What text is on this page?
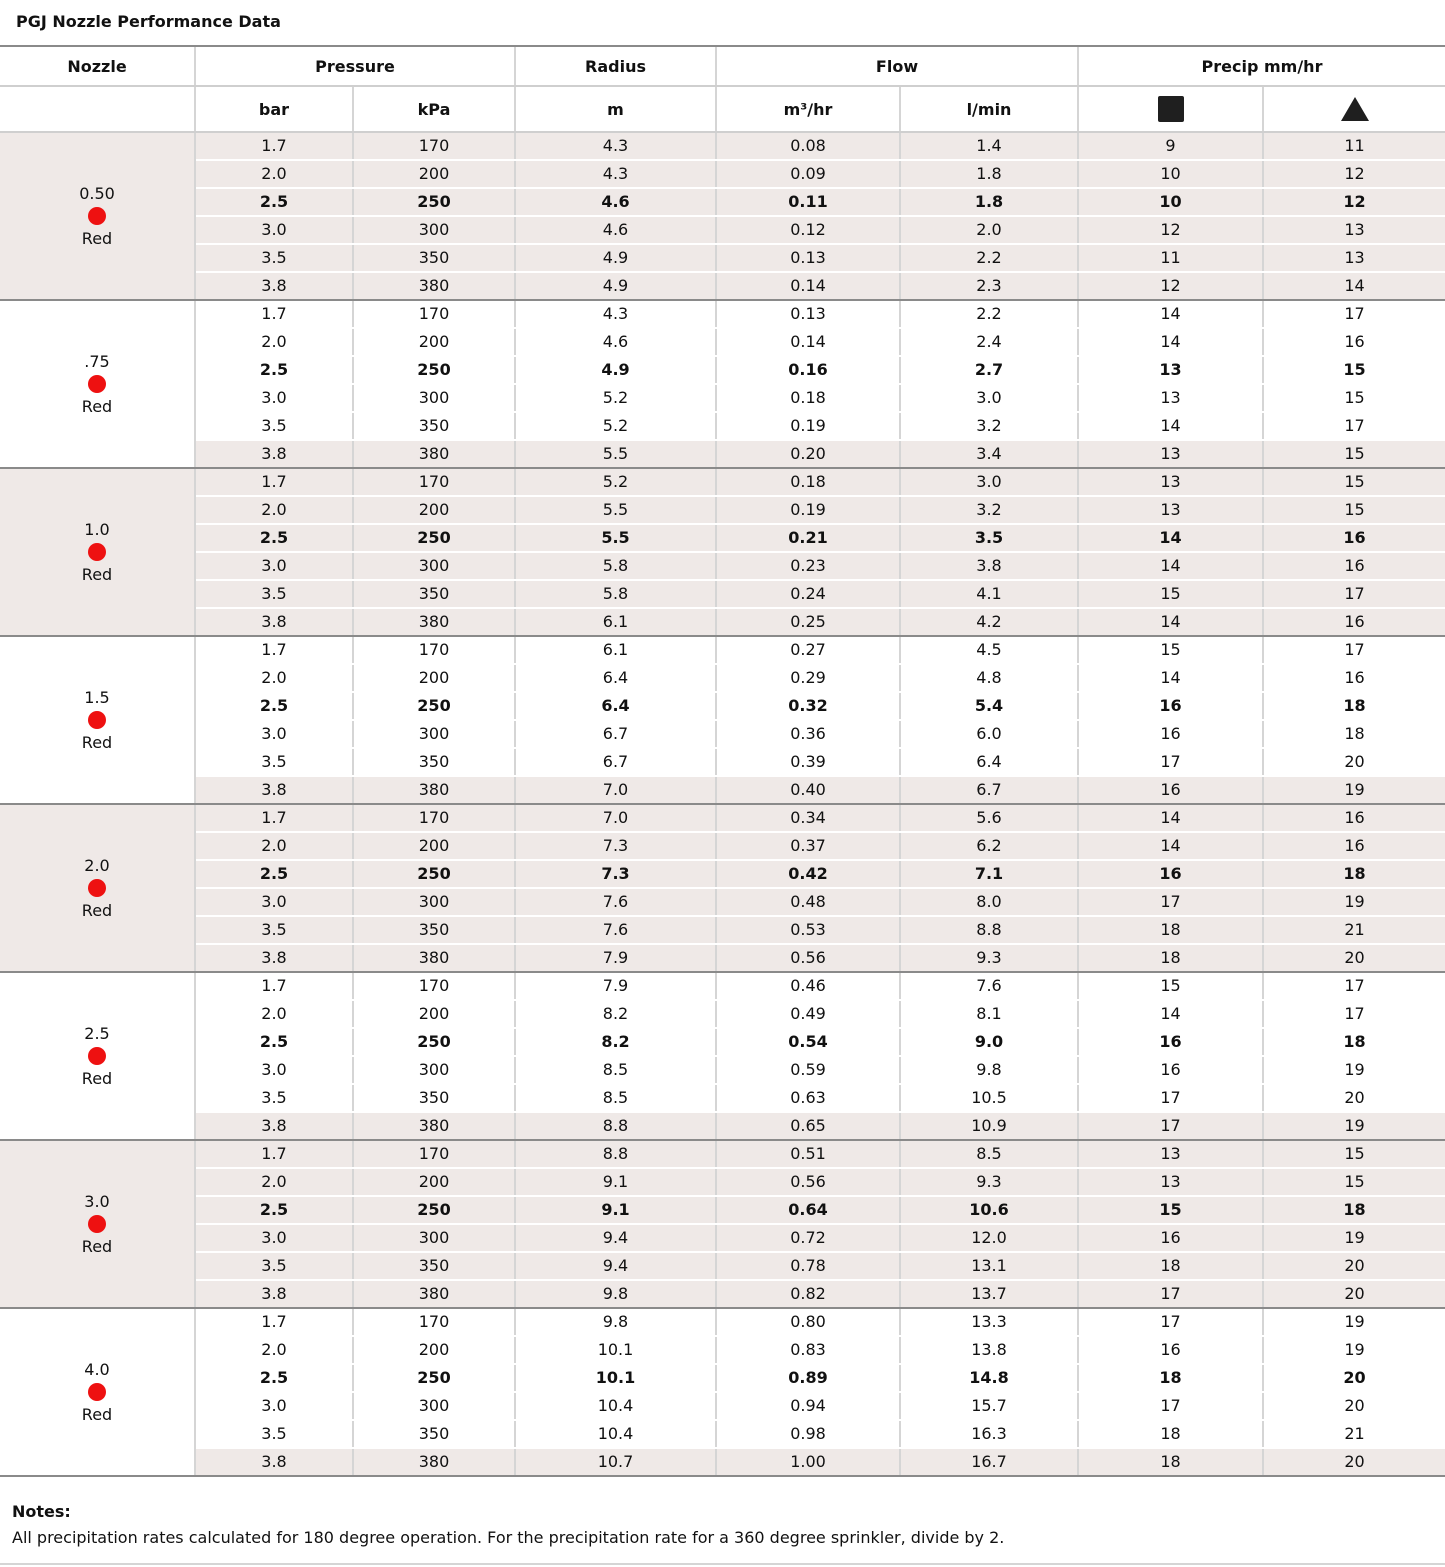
PGJ Nozzle Performance Data
Nozzle	Pressure		Radius	Flow		Precip mm/hr	
	bar	kPa	m	m³/hr	l/min		

0.50
Red	1.7	170	4.3	0.08	1.4	9	11
	2.0	200	4.3	0.09	1.8	10	12
	2.5	250	4.6	0.11	1.8	10	12
	3.0	300	4.6	0.12	2.0	12	13
	3.5	350	4.9	0.13	2.2	11	13
	3.8	380	4.9	0.14	2.3	12	14

.75
Red	1.7	170	4.3	0.13	2.2	14	17
	2.0	200	4.6	0.14	2.4	14	16
	2.5	250	4.9	0.16	2.7	13	15
	3.0	300	5.2	0.18	3.0	13	15
	3.5	350	5.2	0.19	3.2	14	17
	3.8	380	5.5	0.20	3.4	13	15

1.0
Red	1.7	170	5.2	0.18	3.0	13	15
	2.0	200	5.5	0.19	3.2	13	15
	2.5	250	5.5	0.21	3.5	14	16
	3.0	300	5.8	0.23	3.8	14	16
	3.5	350	5.8	0.24	4.1	15	17
	3.8	380	6.1	0.25	4.2	14	16

1.5
Red	1.7	170	6.1	0.27	4.5	15	17
	2.0	200	6.4	0.29	4.8	14	16
	2.5	250	6.4	0.32	5.4	16	18
	3.0	300	6.7	0.36	6.0	16	18
	3.5	350	6.7	0.39	6.4	17	20
	3.8	380	7.0	0.40	6.7	16	19

2.0
Red	1.7	170	7.0	0.34	5.6	14	16
	2.0	200	7.3	0.37	6.2	14	16
	2.5	250	7.3	0.42	7.1	16	18
	3.0	300	7.6	0.48	8.0	17	19
	3.5	350	7.6	0.53	8.8	18	21
	3.8	380	7.9	0.56	9.3	18	20

2.5
Red	1.7	170	7.9	0.46	7.6	15	17
	2.0	200	8.2	0.49	8.1	14	17
	2.5	250	8.2	0.54	9.0	16	18
	3.0	300	8.5	0.59	9.8	16	19
	3.5	350	8.5	0.63	10.5	17	20
	3.8	380	8.8	0.65	10.9	17	19

3.0
Red	1.7	170	8.8	0.51	8.5	13	15
	2.0	200	9.1	0.56	9.3	13	15
	2.5	250	9.1	0.64	10.6	15	18
	3.0	300	9.4	0.72	12.0	16	19
	3.5	350	9.4	0.78	13.1	18	20
	3.8	380	9.8	0.82	13.7	17	20

4.0
Red	1.7	170	9.8	0.80	13.3	17	19
	2.0	200	10.1	0.83	13.8	16	19
	2.5	250	10.1	0.89	14.8	18	20
	3.0	300	10.4	0.94	15.7	17	20
	3.5	350	10.4	0.98	16.3	18	21
	3.8	380	10.7	1.00	16.7	18	20
Notes:
All precipitation rates calculated for 180 degree operation. For the precipitation rate for a 360 degree sprinkler, divide by 2.
